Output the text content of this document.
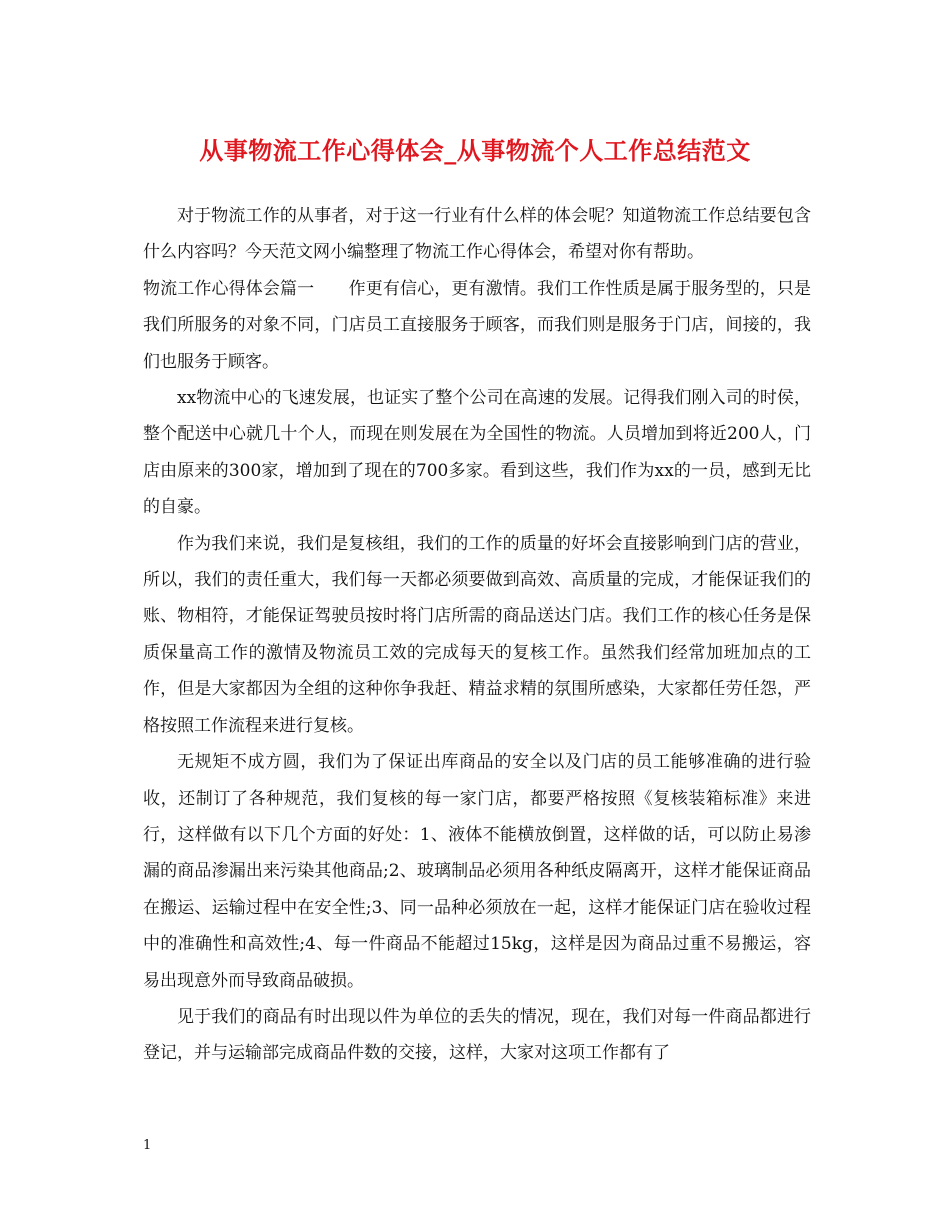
从事物流工作心得体会_从事物流个人工作总结范文

对于物流工作的从事者，对于这一行业有什么样的体会呢？知道物流工作总结要包含什么内容吗？今天范文网小编整理了物流工作心得体会，希望对你有帮助。

物流工作心得体会篇一　　作更有信心，更有激情。我们工作性质是属于服务型的，只是我们所服务的对象不同，门店员工直接服务于顾客，而我们则是服务于门店，间接的，我们也服务于顾客。

xx物流中心的飞速发展，也证实了整个公司在高速的发展。记得我们刚入司的时侯，整个配送中心就几十个人，而现在则发展在为全国性的物流。人员增加到将近200人，门店由原来的300家，增加到了现在的700多家。看到这些，我们作为xx的一员，感到无比的自豪。

作为我们来说，我们是复核组，我们的工作的质量的好坏会直接影响到门店的营业，所以，我们的责任重大，我们每一天都必须要做到高效、高质量的完成，才能保证我们的账、物相符，才能保证驾驶员按时将门店所需的商品送达门店。我们工作的核心任务是保质保量高工作的激情及物流员工效的完成每天的复核工作。虽然我们经常加班加点的工作，但是大家都因为全组的这种你争我赶、精益求精的氛围所感染，大家都任劳任怨，严格按照工作流程来进行复核。

无规矩不成方圆，我们为了保证出库商品的安全以及门店的员工能够准确的进行验收，还制订了各种规范，我们复核的每一家门店，都要严格按照《复核装箱标准》来进行，这样做有以下几个方面的好处：1、液体不能横放倒置，这样做的话，可以防止易渗漏的商品渗漏出来污染其他商品;2、玻璃制品必须用各种纸皮隔离开，这样才能保证商品在搬运、运输过程中在安全性;3、同一品种必须放在一起，这样才能保证门店在验收过程中的准确性和高效性;4、每一件商品不能超过15kg，这样是因为商品过重不易搬运，容易出现意外而导致商品破损。

见于我们的商品有时出现以件为单位的丢失的情况，现在，我们对每一件商品都进行登记，并与运输部完成商品件数的交接，这样，大家对这项工作都有了

1
